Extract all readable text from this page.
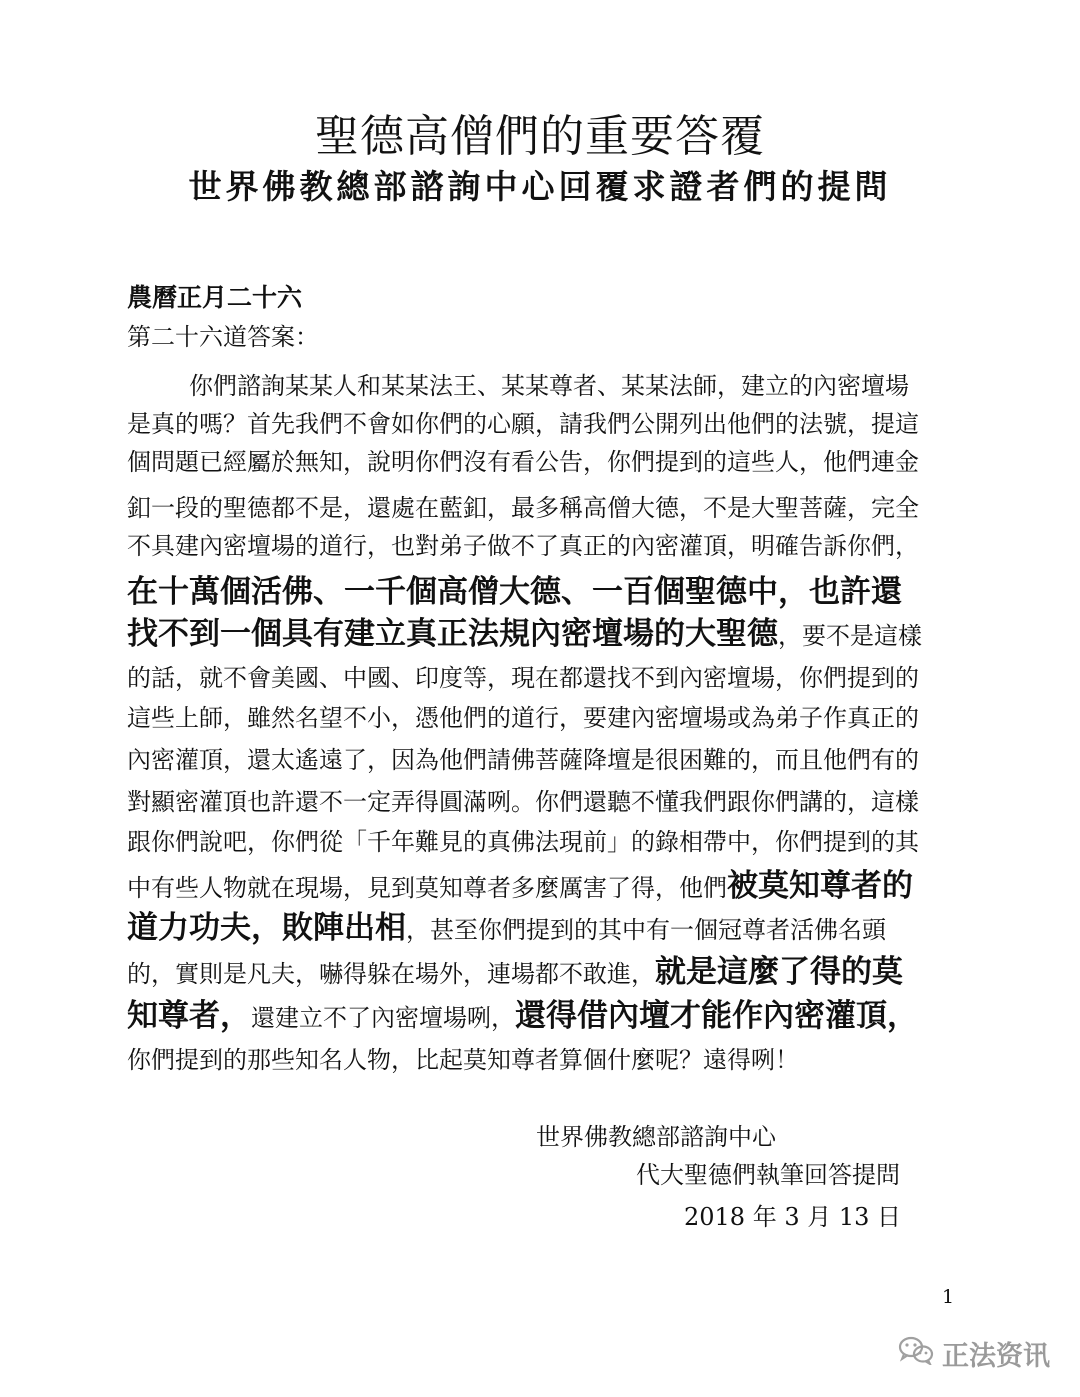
聖德高僧們的重要答覆
世界佛教總部諮詢中心回覆求證者們的提問
農曆正月二十六
第二十六道答案：
你們諮詢某某人和某某法王、某某尊者、某某法師，建立的內密壇場
是真的嗎？首先我們不會如你們的心願，請我們公開列出他們的法號，提這
個問題已經屬於無知，說明你們沒有看公告，你們提到的這些人，他們連金
釦一段的聖德都不是，還處在藍釦，最多稱高僧大德，不是大聖菩薩，完全
不具建內密壇場的道行，也對弟子做不了真正的內密灌頂，明確告訴你們，
在十萬個活佛、一千個高僧大德、一百個聖德中，也許還
找不到一個具有建立真正法規內密壇場的大聖德，要不是這樣
的話，就不會美國、中國、印度等，現在都還找不到內密壇場，你們提到的
這些上師，雖然名望不小，憑他們的道行，要建內密壇場或為弟子作真正的
內密灌頂，還太遙遠了，因為他們請佛菩薩降壇是很困難的，而且他們有的
對顯密灌頂也許還不一定弄得圓滿咧。你們還聽不懂我們跟你們講的，這樣
跟你們說吧，你們從「千年難見的真佛法現前」的錄相帶中，你們提到的其
中有些人物就在現場，見到莫知尊者多麼厲害了得，他們被莫知尊者的
道力功夫，敗陣出相，甚至你們提到的其中有一個冠尊者活佛名頭
的，實則是凡夫，嚇得躲在場外，連場都不敢進，就是這麼了得的莫
知尊者，還建立不了內密壇場咧，還得借內壇才能作內密灌頂，
你們提到的那些知名人物，比起莫知尊者算個什麼呢？遠得咧！
世界佛教總部諮詢中心
代大聖德們執筆回答提問
2018 年 3 月 13 日
1
正法资讯
